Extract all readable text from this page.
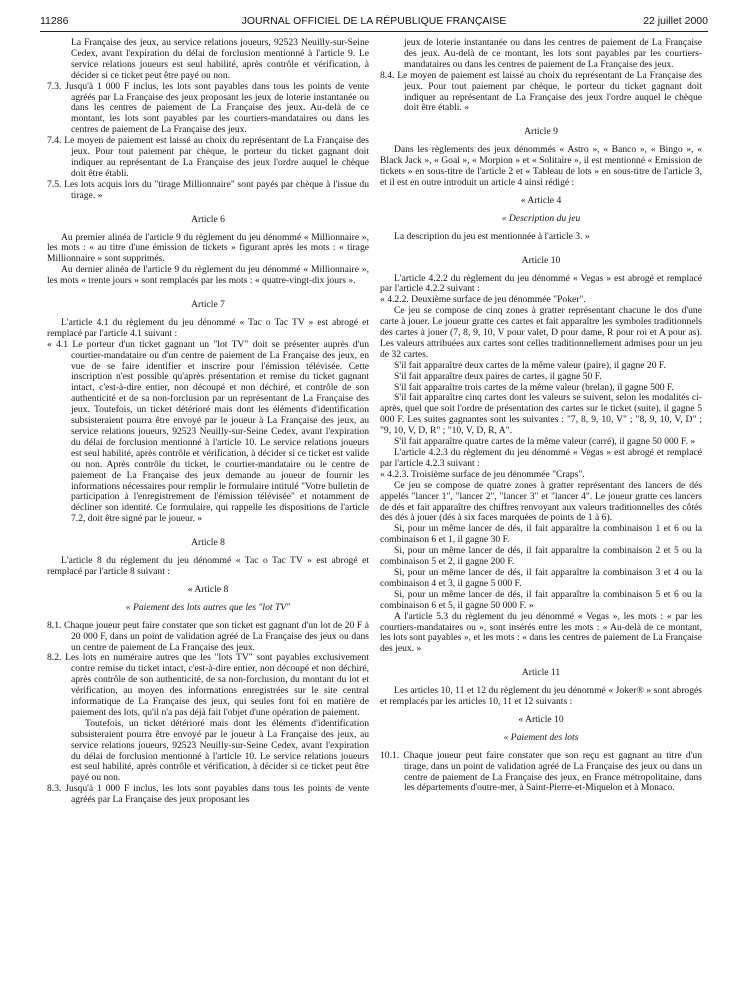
11286	JOURNAL OFFICIEL DE LA RÉPUBLIQUE FRANÇAISE	22 juillet 2000

La Française des jeux, au service relations joueurs, 92523 Neuilly-sur-Seine Cedex, avant l'expiration du délai de forclusion mentionné à l'article 9. Le service relations joueurs est seul habilité, après contrôle et vérification, à décider si ce ticket peut être payé ou non.

7.3. Jusqu'à 1 000 F inclus, les lots sont payables dans tous les points de vente agréés par La Française des jeux proposant les jeux de loterie instantanée ou dans les centres de paiement de La Française des jeux. Au-delà de ce montant, les lots sont payables par les courtiers-mandataires ou dans les centres de paiement de La Française des jeux.

7.4. Le moyen de paiement est laissé au choix du représentant de La Française des jeux. Pour tout paiement par chèque, le porteur du ticket gagnant doit indiquer au représentant de La Française des jeux l'ordre auquel le chèque doit être établi.

7.5. Les lots acquis lors du "tirage Millionnaire" sont payés par chèque à l'issue du tirage. »

Article 6

Au premier alinéa de l'article 9 du règlement du jeu dénommé « Millionnaire », les mots : « au titre d'une émission de tickets » figurant après les mots : « tirage Millionnaire » sont supprimés.

Au dernier alinéa de l'article 9 du règlement du jeu dénommé « Millionnaire », les mots « trente jours » sont remplacés par les mots : « quatre-vingt-dix jours ».

Article 7

L'article 4.1 du règlement du jeu dénommé « Tac o Tac TV » est abrogé et remplacé par l'article 4.1 suivant :

« 4.1 Le porteur d'un ticket gagnant un "lot TV" doit se présenter auprès d'un courtier-mandataire ou d'un centre de paiement de La Française des jeux, en vue de se faire identifier et inscrire pour l'émission télévisée. Cette inscription n'est possible qu'après présentation et remise du ticket gagnant intact, c'est-à-dire entier, non découpé et non déchiré, et contrôle de son authenticité et de sa non-forclusion par un représentant de La Française des jeux. Toutefois, un ticket détérioré mais dont les éléments d'identification subsisteraient pourra être envoyé par le joueur à La Française des jeux, au service relations joueurs, 92523 Neuilly-sur-Seine Cedex, avant l'expiration du délai de forclusion mentionné à l'article 10. Le service relations joueurs est seul habilité, après contrôle et vérification, à décider si ce ticket est valide ou non. Après contrôle du ticket, le courtier-mandataire ou le centre de paiement de La Française des jeux demande au joueur de fournir les informations nécessaires pour remplir le formulaire intitulé "Votre bulletin de participation à l'enregistrement de l'émission télévisée" et notamment de décliner son identité. Ce formulaire, qui rappelle les dispositions de l'article 7.2, doit être signé par le joueur. »

Article 8

L'article 8 du règlement du jeu dénommé « Tac o Tac TV » est abrogé et remplacé par l'article 8 suivant :

« Article 8

« Paiement des lots autres que les "lot TV"

8.1. Chaque joueur peut faire constater que son ticket est gagnant d'un lot de 20 F à 20 000 F, dans un point de validation agréé de La Française des jeux ou dans un centre de paiement de La Française des jeux.

8.2. Les lots en numéraire autres que les "lots TV" sont payables exclusivement contre remise du ticket intact, c'est-à-dire entier, non découpé et non déchiré, après contrôle de son authenticité, de sa non-forclusion, du montant du lot et vérification, au moyen des informations enregistrées sur le site central informatique de La Française des jeux, qui seules font foi en matière de paiement des lots, qu'il n'a pas déjà fait l'objet d'une opération de paiement.

Toutefois, un ticket détérioré mais dont les éléments d'identification subsisteraient pourra être envoyé par le joueur à La Française des jeux, au service relations joueurs, 92523 Neuilly-sur-Seine Cedex, avant l'expiration du délai de forclusion mentionné à l'article 10. Le service relations joueurs est seul habilité, après contrôle et vérification, à décider si ce ticket peut être payé ou non.

8.3. Jusqu'à 1 000 F inclus, les lots sont payables dans tous les points de vente agréés par La Française des jeux proposant les

jeux de loterie instantanée ou dans les centres de paiement de La Française des jeux. Au-delà de ce montant, les lots sont payables par les courtiers-mandataires ou dans les centres de paiement de La Française des jeux.

8.4. Le moyen de paiement est laissé au choix du représentant de La Française des jeux. Pour tout paiement par chèque, le porteur du ticket gagnant doit indiquer au représentant de La Française des jeux l'ordre auquel le chèque doit être établi. »

Article 9

Dans les règlements des jeux dénommés « Astro », « Banco », « Bingo », « Black Jack », « Goal », « Morpion » et « Solitaire », il est mentionné « Emission de tickets » en sous-titre de l'article 2 et « Tableau de lots » en sous-titre de l'article 3, et il est en outre introduit un article 4 ainsi rédigé :

« Article 4

« Description du jeu

La description du jeu est mentionnée à l'article 3. »

Article 10

L'article 4.2.2 du règlement du jeu dénommé « Vegas » est abrogé et remplacé par l'article 4.2.2 suivant :

« 4.2.2. Deuxième surface de jeu dénommée "Poker".

Ce jeu se compose de cinq zones à gratter représentant chacune le dos d'une carte à jouer. Le joueur gratte ces cartes et fait apparaître les symboles traditionnels des cartes à jouer (7, 8, 9, 10, V pour valet, D pour dame, R pour roi et A pour as). Les valeurs attribuées aux cartes sont celles traditionnellement admises pour un jeu de 32 cartes.

S'il fait apparaître deux cartes de la même valeur (paire), il gagne 20 F.

S'il fait apparaître deux paires de cartes, il gagne 50 F.

S'il fait apparaître trois cartes de la même valeur (brelan), il gagne 500 F.

S'il fait apparaître cinq cartes dont les valeurs se suivent, selon les modalités ci-après, quel que soit l'ordre de présentation des cartes sur le ticket (suite), il gagne 5 000 F. Les suites gagnantes sont les suivantes : "7, 8, 9, 10, V" ; "8, 9, 10, V, D" ; "9, 10, V, D, R" ; "10, V, D, R, A".

S'il fait apparaître quatre cartes de la même valeur (carré), il gagne 50 000 F. »

L'article 4.2.3 du règlement du jeu dénommé « Vegas » est abrogé et remplacé par l'article 4.2.3 suivant :

« 4.2.3. Troisième surface de jeu dénommée "Craps".

Ce jeu se compose de quatre zones à gratter représentant des lancers de dés appelés "lancer 1", "lancer 2", "lancer 3" et "lancer 4". Le joueur gratte ces lancers de dés et fait apparaître des chiffres renvoyant aux valeurs traditionnelles des côtés des dés à jouer (dés à six faces marquées de points de 1 à 6).

Si, pour un même lancer de dés, il fait apparaître la combinaison 1 et 6 ou la combinaison 6 et 1, il gagne 30 F.

Si, pour un même lancer de dés, il fait apparaître la combinaison 2 et 5 ou la combinaison 5 et 2, il gagne 200 F.

Si, pour un même lancer de dés, il fait apparaître la combinaison 3 et 4 ou la combinaison 4 et 3, il gagne 5 000 F.

Si, pour un même lancer de dés, il fait apparaître la combinaison 5 et 6 ou la combinaison 6 et 5, il gagne 50 000 F. »

A l'article 5.3 du règlement du jeu dénommé « Vegas », les mots : « par les courtiers-mandataires ou », sont insérés entre les mots : « Au-delà de ce montant, les lots sont payables », et les mots : « dans les centres de paiement de La Française des jeux. »

Article 11

Les articles 10, 11 et 12 du règlement du jeu dénommé « Joker® » sont abrogés et remplacés par les articles 10, 11 et 12 suivants :

« Article 10

« Paiement des lots

10.1. Chaque joueur peut faire constater que son reçu est gagnant au titre d'un tirage, dans un point de validation agréé de La Française des jeux ou dans un centre de paiement de La Française des jeux, en France métropolitaine, dans les départements d'outre-mer, à Saint-Pierre-et-Miquelon et à Monaco.
